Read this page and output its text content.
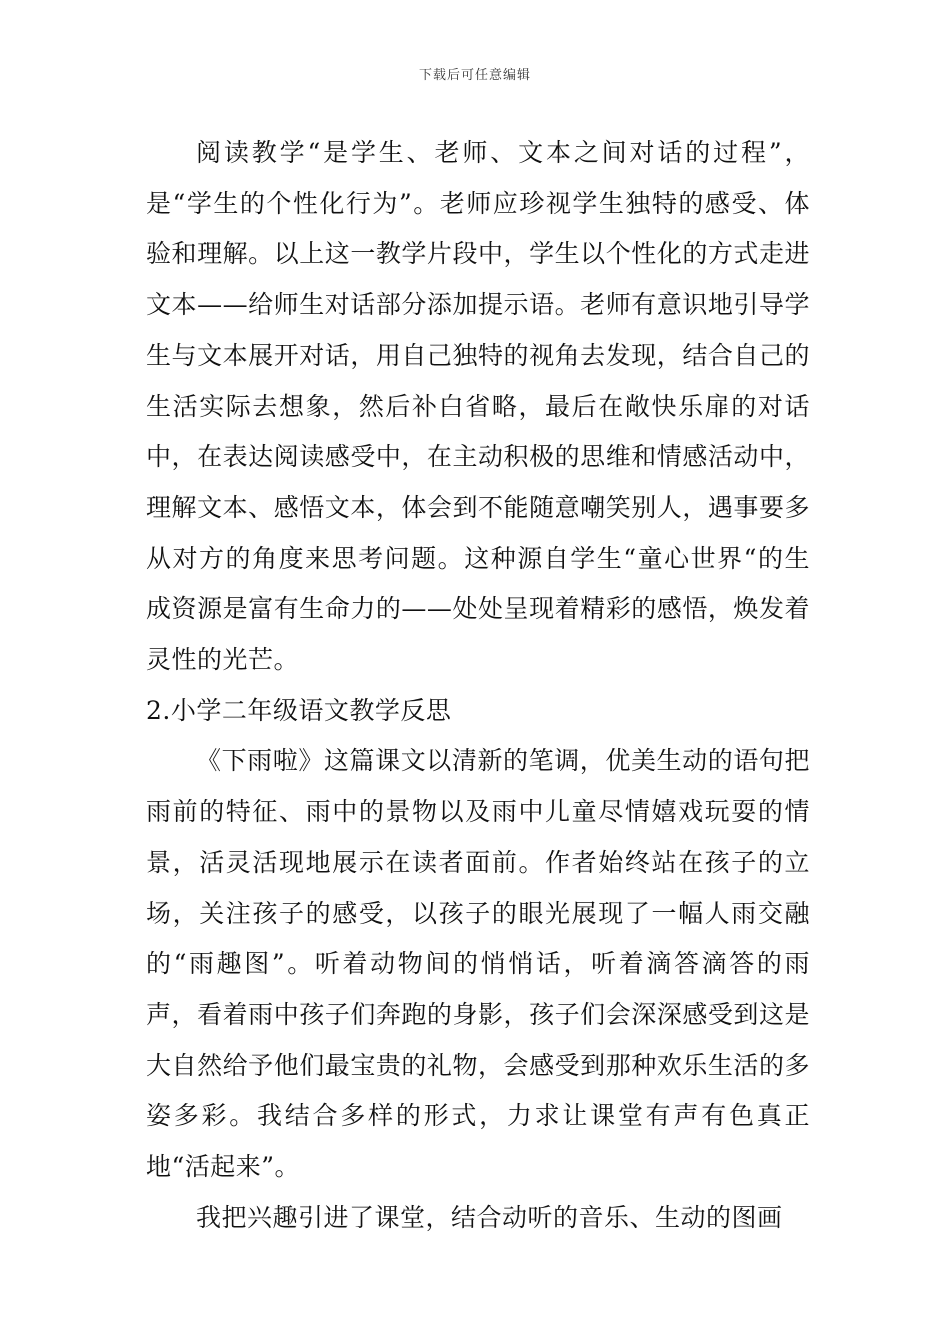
下载后可任意编辑

阅读教学“是学生、老师、文本之间对话的过程”，是“学生的个性化行为”。老师应珍视学生独特的感受、体验和理解。以上这一教学片段中，学生以个性化的方式走进文本——给师生对话部分添加提示语。老师有意识地引导学生与文本展开对话，用自己独特的视角去发现，结合自己的生活实际去想象，然后补白省略，最后在敞快乐扉的对话中，在表达阅读感受中，在主动积极的思维和情感活动中，理解文本、感悟文本，体会到不能随意嘲笑别人，遇事要多从对方的角度来思考问题。这种源自学生“童心世界“的生成资源是富有生命力的——处处呈现着精彩的感悟，焕发着灵性的光芒。

2.小学二年级语文教学反思

《下雨啦》这篇课文以清新的笔调，优美生动的语句把雨前的特征、雨中的景物以及雨中儿童尽情嬉戏玩耍的情景，活灵活现地展示在读者面前。作者始终站在孩子的立场，关注孩子的感受，以孩子的眼光展现了一幅人雨交融的“雨趣图”。听着动物间的悄悄话，听着滴答滴答的雨声，看着雨中孩子们奔跑的身影，孩子们会深深感受到这是大自然给予他们最宝贵的礼物，会感受到那种欢乐生活的多姿多彩。我结合多样的形式，力求让课堂有声有色真正地“活起来”。

我把兴趣引进了课堂，结合动听的音乐、生动的图画
